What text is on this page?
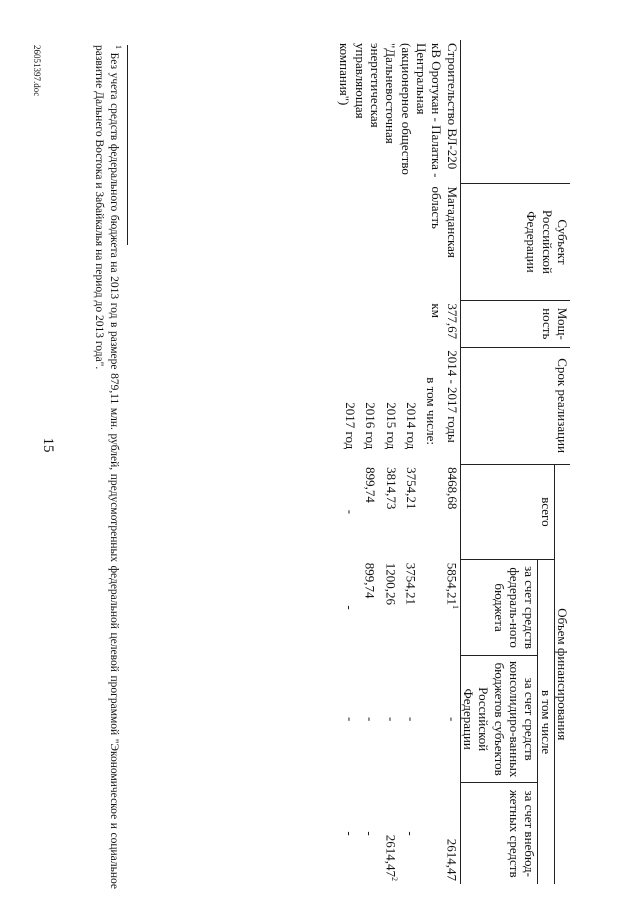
15
	Субъект Российской Федерации	Мощ-ность	Срок реализации	Объем финансирования			
				всего	в том числе		
					за счет средств федераль-ного бюджета	за счет средств консолидиро-ванных бюджетов субъектов Российской Федерации	за счет внебюд-жетных средств
Строительство ВЛ-220 кВ Оротукан - Палатка - Центральная (акционерное общество "Дальневосточная энергетическая управляющая компания")	Магаданская область	377,67 км	2014 - 2017 годы	8468,68	5854,21$^1$	-	2614,47
			в том числе:				
			2014 год	3754,21	3754,21	-	-
			2015 год	3814,73	1200,26	-	2614,47$^2$
			2016 год	899,74	899,74	-	-
			2017 год	-	-	-	-
$^1$ Без учета средств федерального бюджета на 2013 год в размере 879,11 млн. рублей, предусмотренных федеральной целевой программой "Экономическое и социальное развитие Дальнего Востока и Забайкалья на период до 2013 года".
26051397.doc
